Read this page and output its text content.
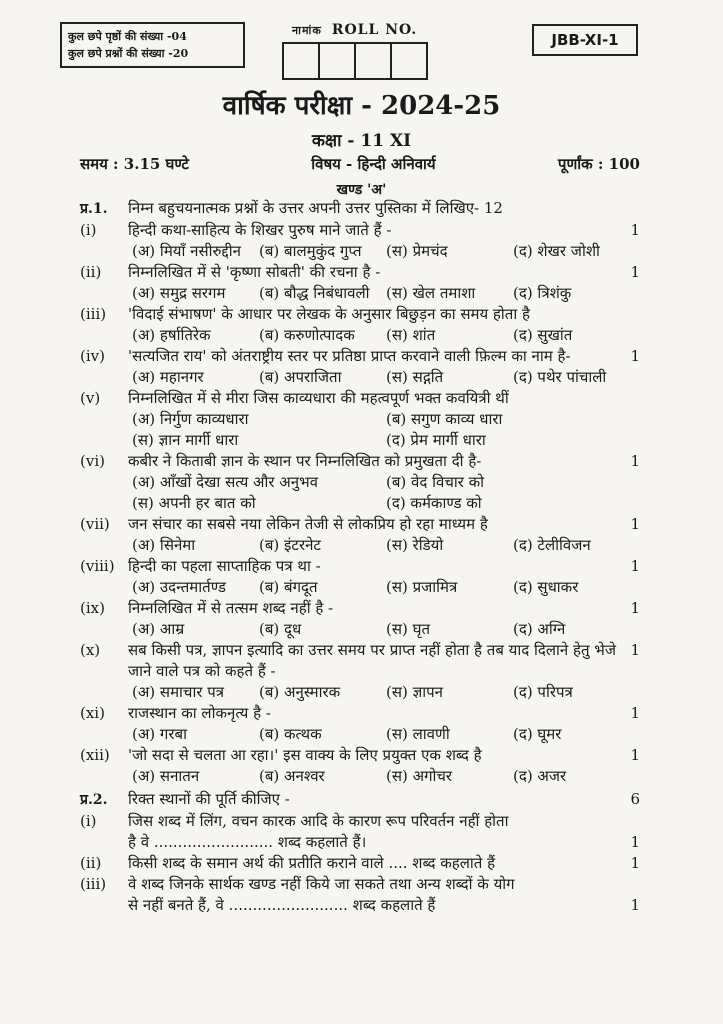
कुल छपे पृष्ठों की संख्या -04
कुल छपे प्रश्नों की संख्या -20
नामांक ROLL NO.
JBB-XI-1
वार्षिक परीक्षा - 2024-25
कक्षा - 11 XI
समय : 3.15 घण्टे	विषय - हिन्दी अनिवार्य	पूर्णांक : 100
खण्ड 'अ'
प्र.1.	निम्न बहुचयनात्मक प्रश्नों के उत्तर अपनी उत्तर पुस्तिका में लिखिए- 12
(i)	हिन्दी कथा-साहित्य के शिखर पुरुष माने जाते हैं -	1
(अ) मियाँ नसीरुद्दीन	(ब) बालमुकुंद गुप्त	(स) प्रेमचंद	(द) शेखर जोशी
(ii)	निम्नलिखित में से 'कृष्णा सोबती' की रचना है -	1
(अ) समुद्र सरगम	(ब) बौद्ध निबंधावली	(स) खेल तमाशा	(द) त्रिशंकु
(iii)	'विदाई संभाषण' के आधार पर लेखक के अनुसार बिछुड़न का समय होता है
(अ) हर्षातिरेक	(ब) करुणोत्पादक	(स) शांत	(द) सुखांत
(iv)	'सत्यजित राय' को अंतराष्ट्रीय स्तर पर प्रतिष्ठा प्राप्त करवाने वाली फ़िल्म का नाम है-	1
(अ) महानगर	(ब) अपराजिता	(स) सद्गति	(द) पथेर पांचाली
(v)	निम्नलिखित में से मीरा जिस काव्यधारा की महत्वपूर्ण भक्त कवयित्री थीं
(अ) निर्गुण काव्यधारा	(ब) सगुण काव्य धारा
(स) ज्ञान मार्गी धारा	(द) प्रेम मार्गी धारा
(vi)	कबीर ने किताबी ज्ञान के स्थान पर निम्नलिखित को प्रमुखता दी है-	1
(अ) आँखों देखा सत्य और अनुभव	(ब) वेद विचार को
(स) अपनी हर बात को	(द) कर्मकाण्ड को
(vii)	जन संचार का सबसे नया लेकिन तेजी से लोकप्रिय हो रहा माध्यम है	1
(अ) सिनेमा	(ब) इंटरनेट	(स) रेडियो	(द) टेलीविजन
(viii) हिन्दी का पहला साप्ताहिक पत्र था -	1
(अ) उदन्तमार्तण्ड	(ब) बंगदूत	(स) प्रजामित्र	(द) सुधाकर
(ix)	निम्नलिखित में से तत्सम शब्द नहीं है -	1
(अ) आम्र	(ब) दूध	(स) घृत	(द) अग्नि
(x)	सब किसी पत्र, ज्ञापन इत्यादि का उत्तर समय पर प्राप्त नहीं होता है तब याद दिलाने हेतु भेजे जाने वाले पत्र को कहते हैं -
1
(अ) समाचार पत्र	(ब) अनुस्मारक	(स) ज्ञापन	(द) परिपत्र
(xi)	राजस्थान का लोकनृत्य है -	1
(अ) गरबा	(ब) कत्थक	(स) लावणी	(द) घूमर
(xii)	'जो सदा से चलता आ रहा।' इस वाक्य के लिए प्रयुक्त एक शब्द है	1
(अ) सनातन	(ब) अनश्वर	(स) अगोचर	(द) अजर
प्र.2.	रिक्त स्थानों की पूर्ति कीजिए -	6
(i)	जिस शब्द में लिंग, वचन कारक आदि के कारण रूप परिवर्तन नहीं होता
है वे ......................... शब्द कहलाते हैं।	1
(ii)	किसी शब्द के समान अर्थ की प्रतीति कराने वाले .... शब्द कहलाते हैं	1
(iii)	वे शब्द जिनके सार्थक खण्ड नहीं किये जा सकते तथा अन्य शब्दों के योग
से नहीं बनते हैं, वे ......................... शब्द कहलाते हैं	1
